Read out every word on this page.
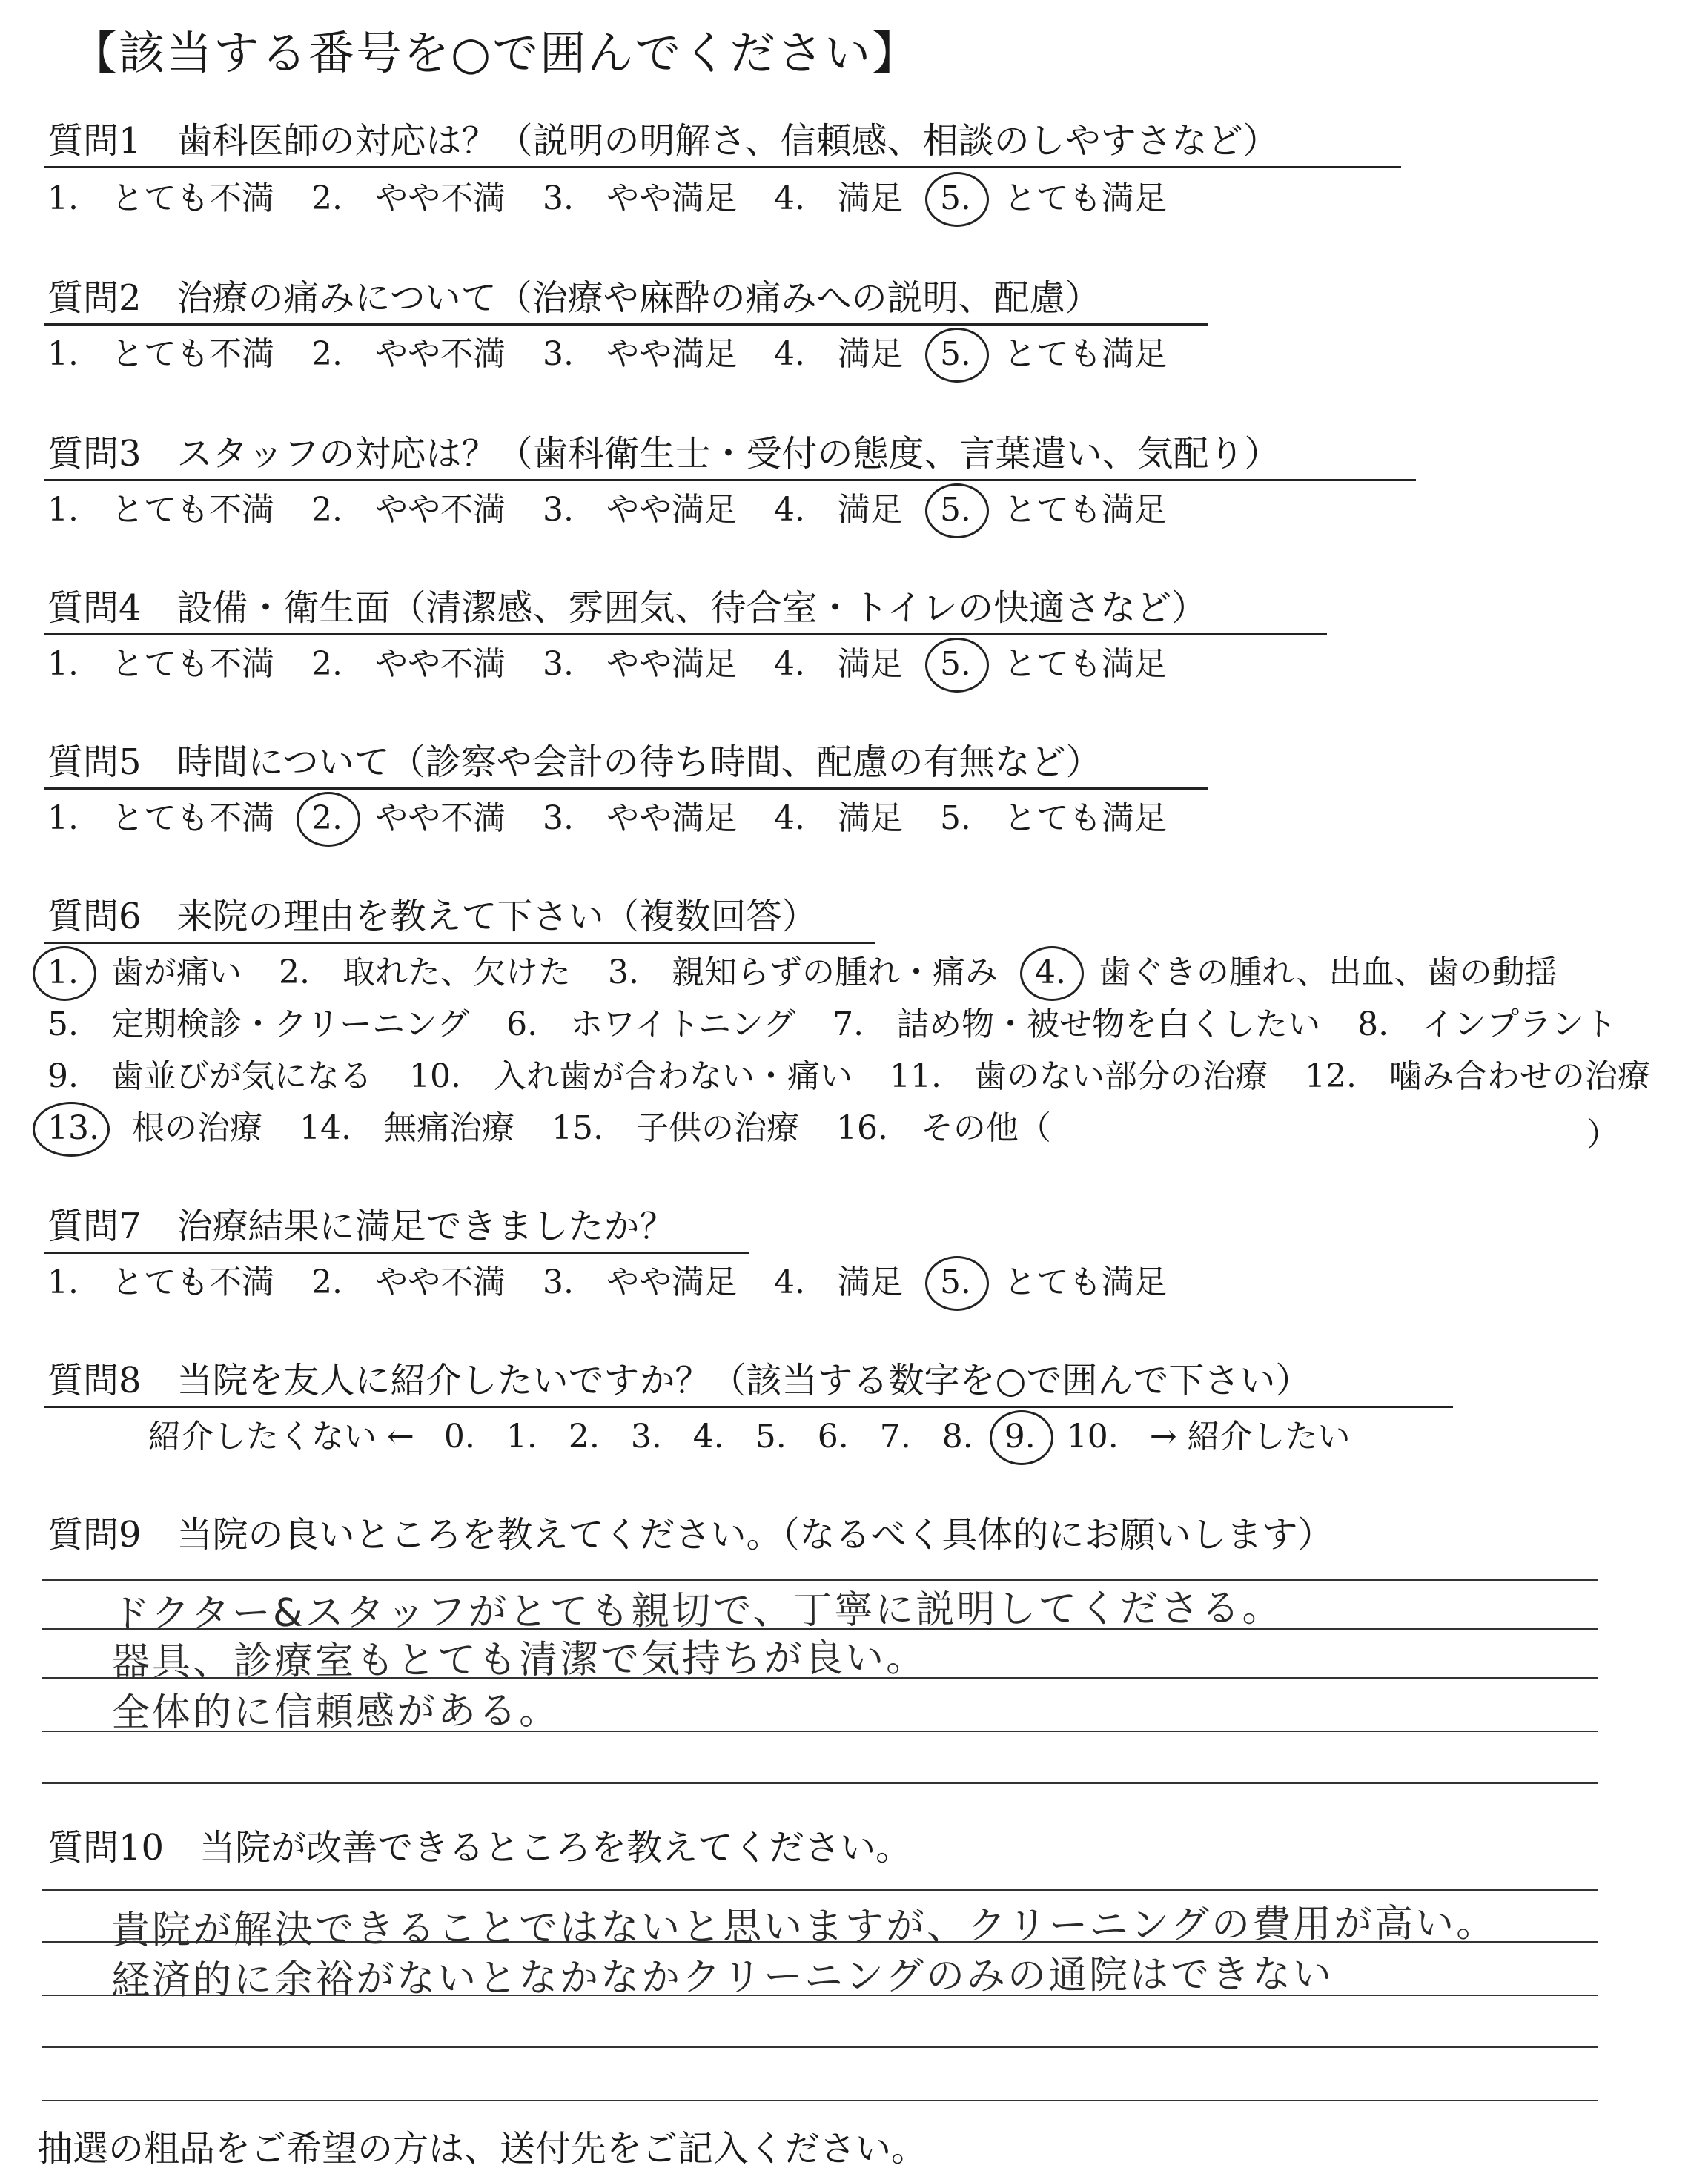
【該当する番号を○で囲んでください】
質問1　歯科医師の対応は？（説明の明解さ、信頼感、相談のしやすさなど）
1.　とても不満 2.　やや不満 3.　やや満足 4.　満足 5.
　とても満足
質問2　治療の痛みについて（治療や麻酔の痛みへの説明、配慮）
1.　とても不満 2.　やや不満 3.　やや満足 4.　満足 5.
　とても満足
質問3　スタッフの対応は？（歯科衛生士・受付の態度、言葉遣い、気配り）
1.　とても不満 2.　やや不満 3.　やや満足 4.　満足 5.
　とても満足
質問4　設備・衛生面（清潔感、雰囲気、待合室・トイレの快適さなど）
1.　とても不満 2.　やや不満 3.　やや満足 4.　満足 5.
　とても満足
質問5　時間について（診察や会計の待ち時間、配慮の有無など）
1.　とても不満 2.
　やや不満 3.　やや満足 4.　満足 5.　とても満足
質問6　来院の理由を教えて下さい（複数回答）
1.
　歯が痛い 2.　取れた、欠けた 3.　親知らずの腫れ・痛み 4.
　歯ぐきの腫れ、出血、歯の動揺
5.　定期検診・クリーニング 6.　ホワイトニング 7.　詰め物・被せ物を白くしたい 8.　インプラント
9.　歯並びが気になる 10.　入れ歯が合わない・痛い 11.　歯のない部分の治療 12.　噛み合わせの治療
13.
　根の治療 14.　無痛治療 15.　子供の治療 16.　その他（	）
質問7　治療結果に満足できましたか？
1.　とても不満 2.　やや不満 3.　やや満足 4.　満足 5.
　とても満足
質問8　当院を友人に紹介したいですか？（該当する数字を○で囲んで下さい）
紹介したくない ← 0. 1. 2. 3. 4. 5. 6. 7. 8. 9. 10. → 紹介したい
質問9　当院の良いところを教えてください。（なるべく具体的にお願いします）
ドクター&スタッフがとても親切で、丁寧に説明してくださる。
器具、診療室もとても清潔で気持ちが良い。
全体的に信頼感がある。
質問10　当院が改善できるところを教えてください。
貴院が解決できることではないと思いますが、クリーニングの費用が高い。
経済的に余裕がないとなかなかクリーニングのみの通院はできない
抽選の粗品をご希望の方は、送付先をご記入ください。
